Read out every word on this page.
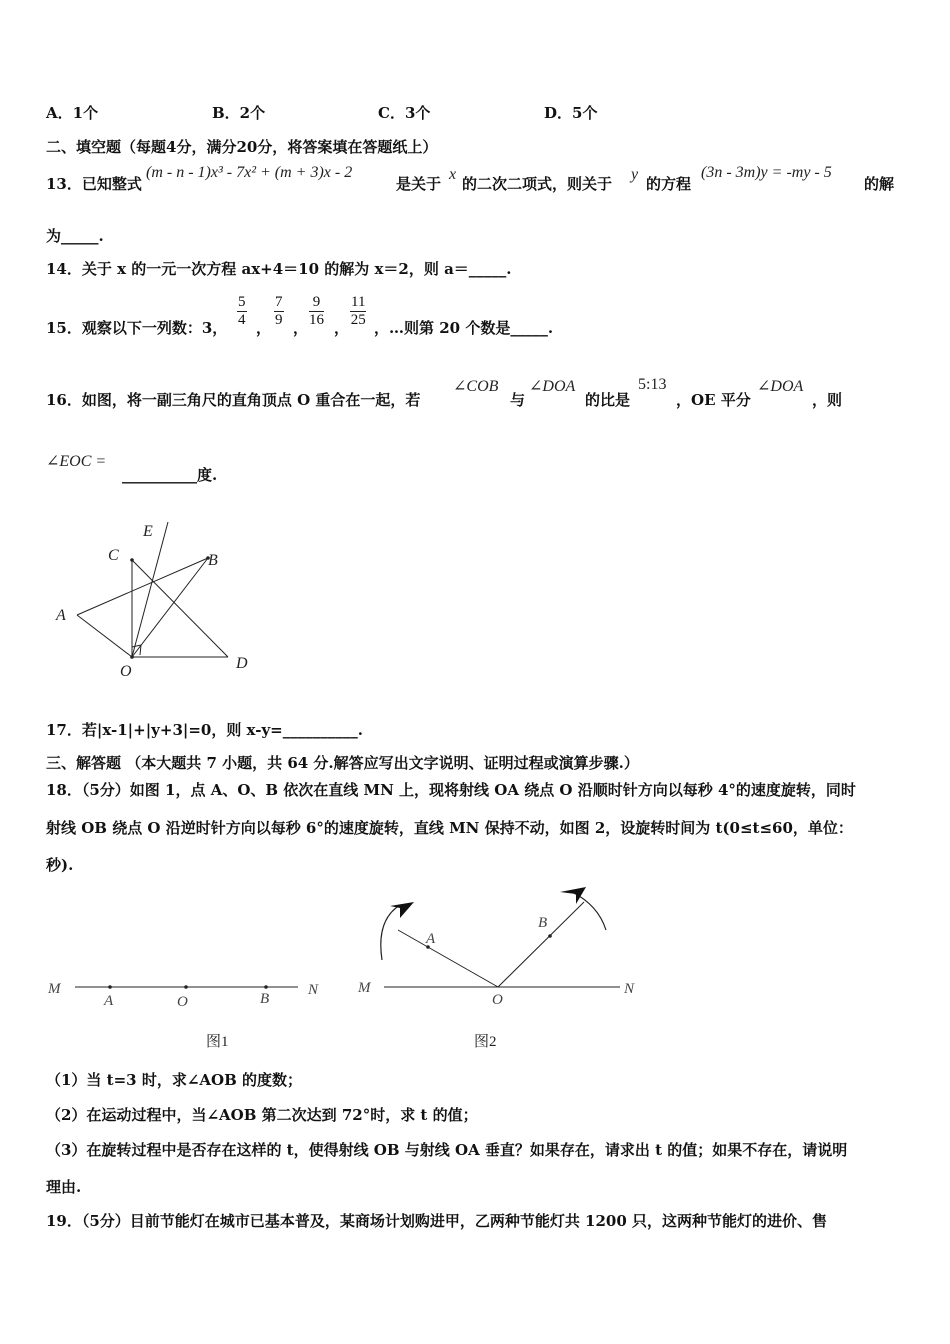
A．1个	B．2个	C．3个	D．5个
二、填空题（每题4分，满分20分，将答案填在答题纸上）
13．已知整式
(m - n - 1)x³ - 7x² + (m + 3)x - 2
是关于
x
的二次二项式，则关于
y
的方程
(3n - 3m)y = -my - 5
的解
为_____.
14．关于 x 的一元一次方程 ax+4＝10 的解为 x＝2，则 a＝_____.
15．观察以下一列数：3， $\frac{5}{4}$ ， $\frac{7}{9}$ ， $\frac{9}{16}$ ， $\frac{11}{25}$ ，…则第 20 个数是_____.
16．如图，将一副三角尺的直角顶点 O 重合在一起，若
∠COB
与
∠DOA
的比是
5:13
，OE 平分
∠DOA
，则
∠EOC =
__________度.
E
C	B
A
O	D
17．若|x-1|+|y+3|=0，则 x-y=__________.
三、解答题 （本大题共 7 小题，共 64 分.解答应写出文字说明、证明过程或演算步骤.）
18．（5分）如图 1，点 A、O、B 依次在直线 MN 上，现将射线 OA 绕点 O 沿顺时针方向以每秒 4°的速度旋转，同时
射线 OB 绕点 O 沿逆时针方向以每秒 6°的速度旋转，直线 MN 保持不动，如图 2，设旋转时间为 t(0≤t≤60，单位：
秒).
M
A	O	B
N
图1
M
A
B
O
N
图2
（1）当 t=3 时，求∠AOB 的度数；
（2）在运动过程中，当∠AOB 第二次达到 72°时，求 t 的值；
（3）在旋转过程中是否存在这样的 t，使得射线 OB 与射线 OA 垂直？如果存在，请求出 t 的值；如果不存在，请说明
理由.
19．（5分）目前节能灯在城市已基本普及，某商场计划购进甲，乙两种节能灯共 1200 只，这两种节能灯的进价、售
